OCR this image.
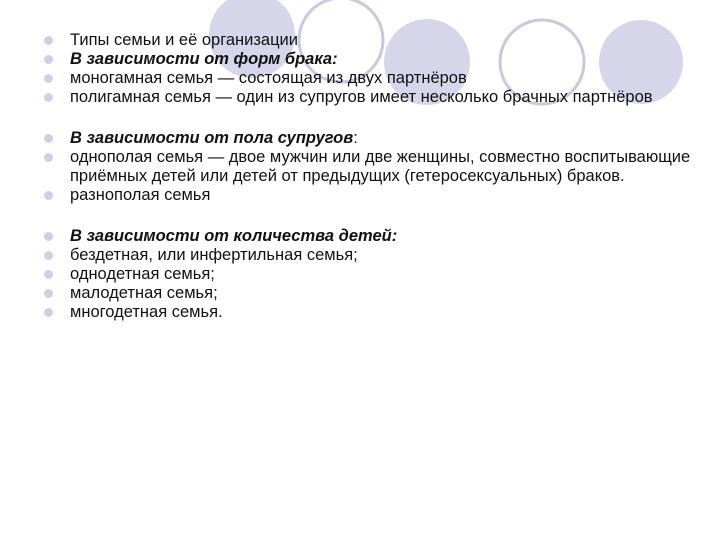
Типы семьи и её организации

В зависимости от форм брака:

моногамная семья — состоящая из двух партнёров

полигамная семья — один из супругов имеет несколько брачных партнёров

В зависимости от пола супругов:

однополая семья — двое мужчин или две женщины, совместно воспитывающие приёмных детей или детей от предыдущих (гетеросексуальных) браков.

разнополая семья

В зависимости от количества детей:

бездетная, или инфертильная семья;

однодетная семья;

малодетная семья;

многодетная семья.
